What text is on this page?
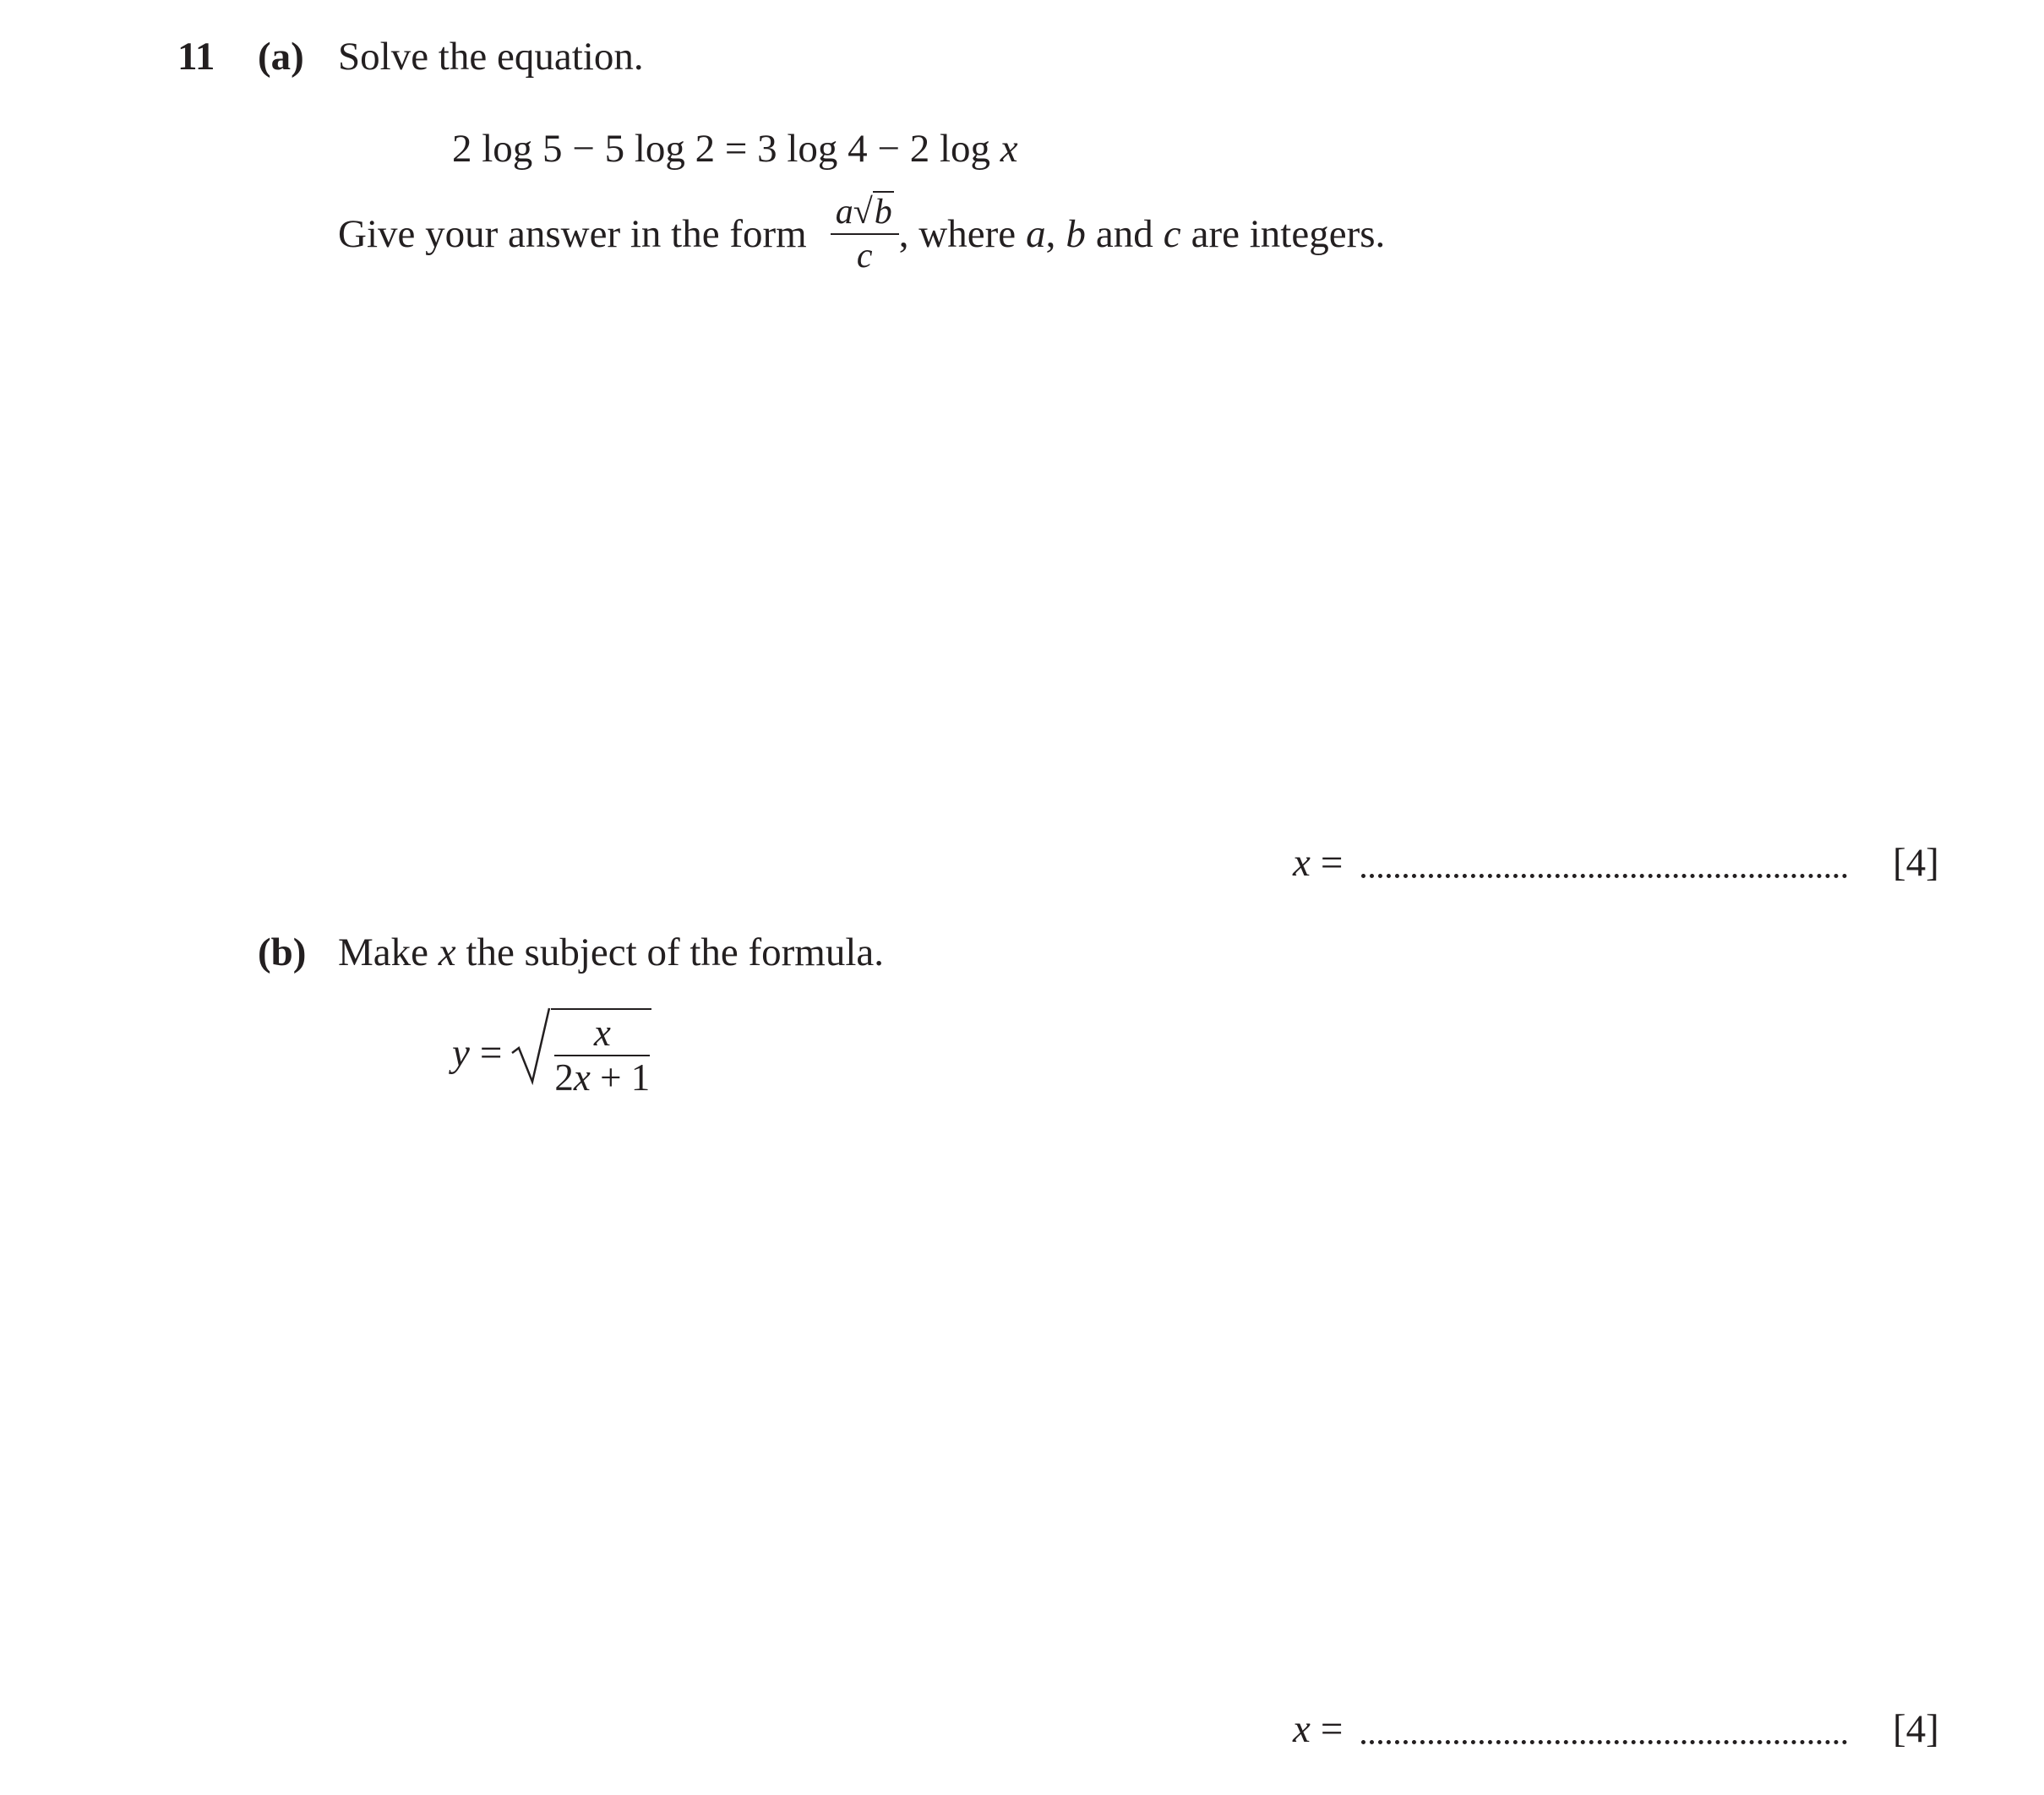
11 (a) Solve the equation.
2 log 5 − 5 log 2 = 3 log 4 − 2 log x
Give your answer in the form $\frac{a√b}{c}$ , where a , b and c are integers.
x =	[4]
(b) Make x the subject of the formula.
$y = \frac{x}{2x + 1}$
x =	[4]
